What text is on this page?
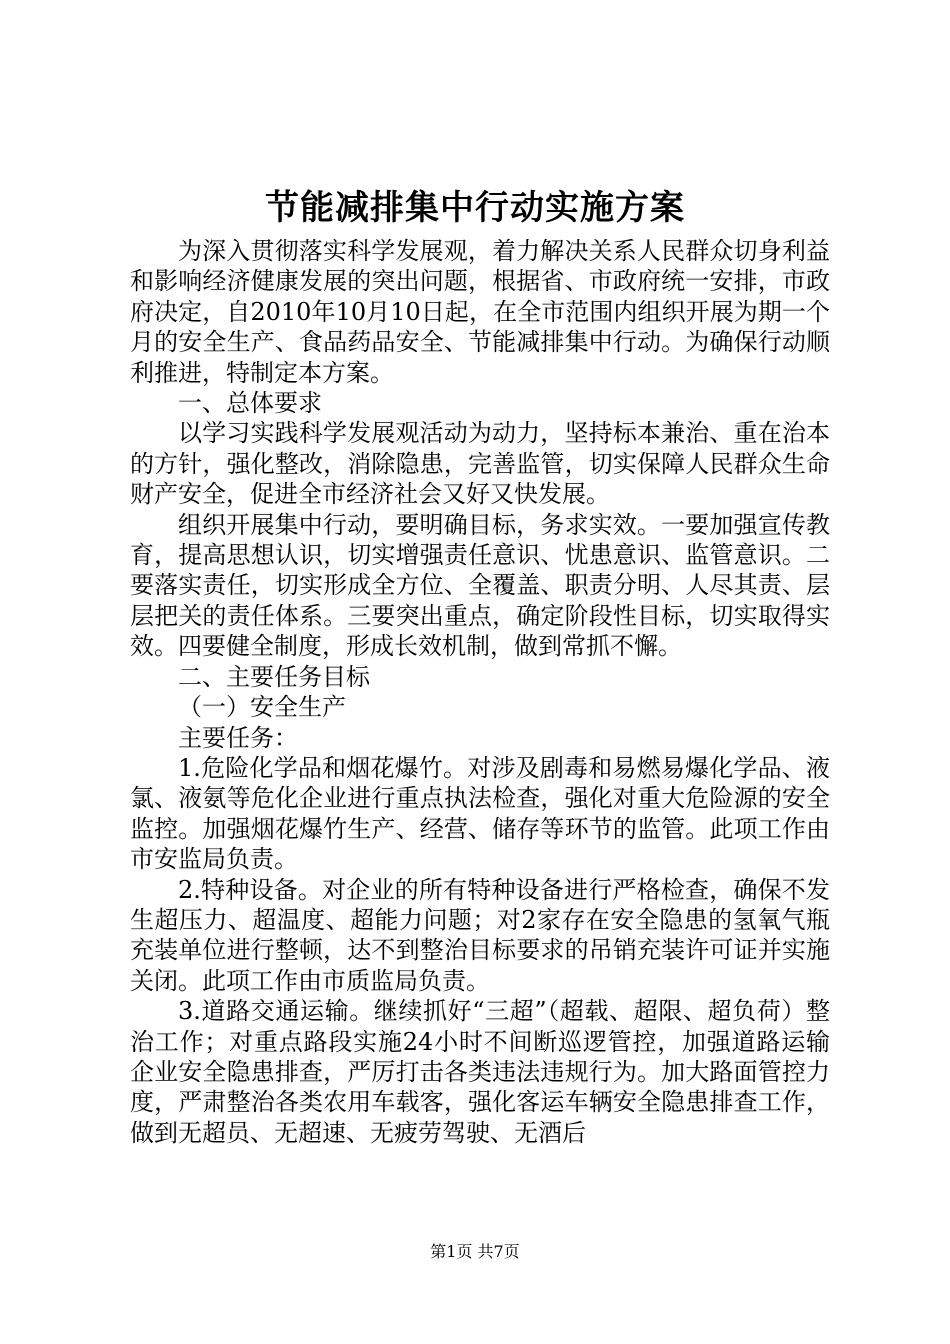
节能减排集中行动实施方案

为深入贯彻落实科学发展观，着力解决关系人民群众切身利益和影响经济健康发展的突出问题，根据省、市政府统一安排，市政府决定，自2010年10月10日起，在全市范围内组织开展为期一个月的安全生产、食品药品安全、节能减排集中行动。为确保行动顺利推进，特制定本方案。

一、总体要求

以学习实践科学发展观活动为动力，坚持标本兼治、重在治本的方针，强化整改，消除隐患，完善监管，切实保障人民群众生命财产安全，促进全市经济社会又好又快发展。

组织开展集中行动，要明确目标，务求实效。一要加强宣传教育，提高思想认识，切实增强责任意识、忧患意识、监管意识。二要落实责任，切实形成全方位、全覆盖、职责分明、人尽其责、层层把关的责任体系。三要突出重点，确定阶段性目标，切实取得实效。四要健全制度，形成长效机制，做到常抓不懈。

二、主要任务目标

（一）安全生产

主要任务：

1.危险化学品和烟花爆竹。对涉及剧毒和易燃易爆化学品、液氯、液氨等危化企业进行重点执法检查，强化对重大危险源的安全监控。加强烟花爆竹生产、经营、储存等环节的监管。此项工作由市安监局负责。

2.特种设备。对企业的所有特种设备进行严格检查，确保不发生超压力、超温度、超能力问题；对2家存在安全隐患的氢氧气瓶充装单位进行整顿，达不到整治目标要求的吊销充装许可证并实施关闭。此项工作由市质监局负责。

3.道路交通运输。继续抓好“三超”（超载、超限、超负荷）整治工作；对重点路段实施24小时不间断巡逻管控，加强道路运输企业安全隐患排查，严厉打击各类违法违规行为。加大路面管控力度，严肃整治各类农用车载客，强化客运车辆安全隐患排查工作，做到无超员、无超速、无疲劳驾驶、无酒后

第1页 共7页
